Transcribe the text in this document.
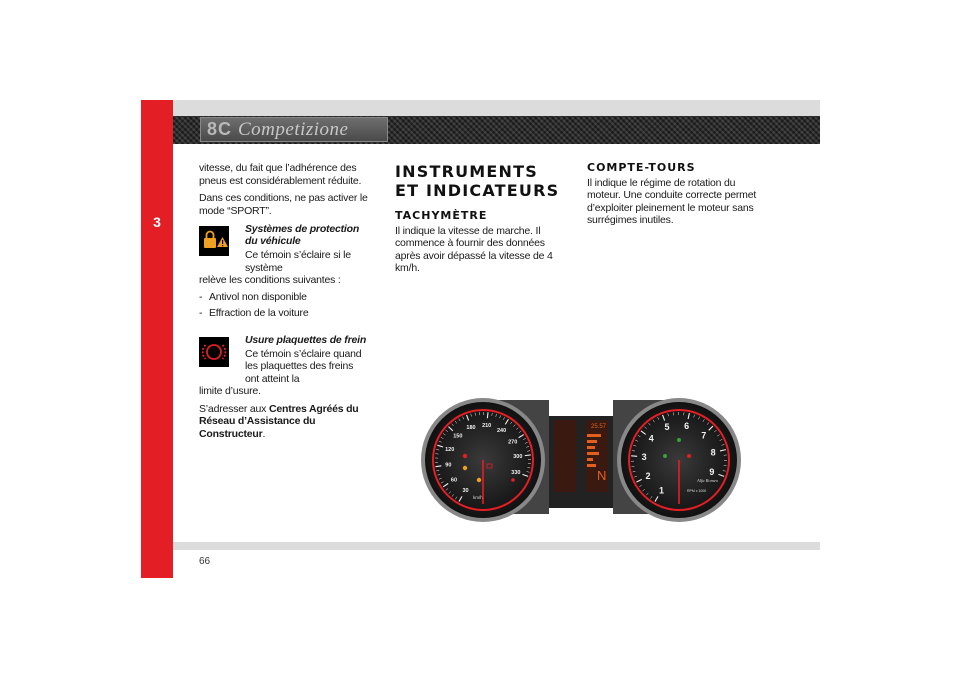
3
8C Competizione
66

vitesse, du fait que l’adhérence des pneus est considérablement réduite.

Dans ces conditions, ne pas activer le mode “SPORT”.

Systèmes de protection du véhicule

Ce témoin s’éclaire si le système

relève les conditions suivantes :

- Antivol non disponible
- Effraction de la voiture

Usure plaquettes de frein

Ce témoin s’éclaire quand les plaquettes des freins ont atteint la

limite d’usure.

S’adresser aux Centres Agréés du Réseau d’Assistance du Constructeur.

INSTRUMENTS ET INDICATEURS
TACHYMÈTRE

Il indique la vitesse de marche. Il commence à fournir des données après avoir dépassé la vitesse de 4 km/h.

COMPTE-TOURS

Il indique le régime de rotation du moteur. Une conduite correcte permet d’exploiter pleinement le moteur sans surrégimes inutiles.

25.57
N
30
60
90
120
150
180 210
240
270
300
330
km/h
1
2
3
4
5 6
7
8
9
RPM x 1000
Alfa Romeo
